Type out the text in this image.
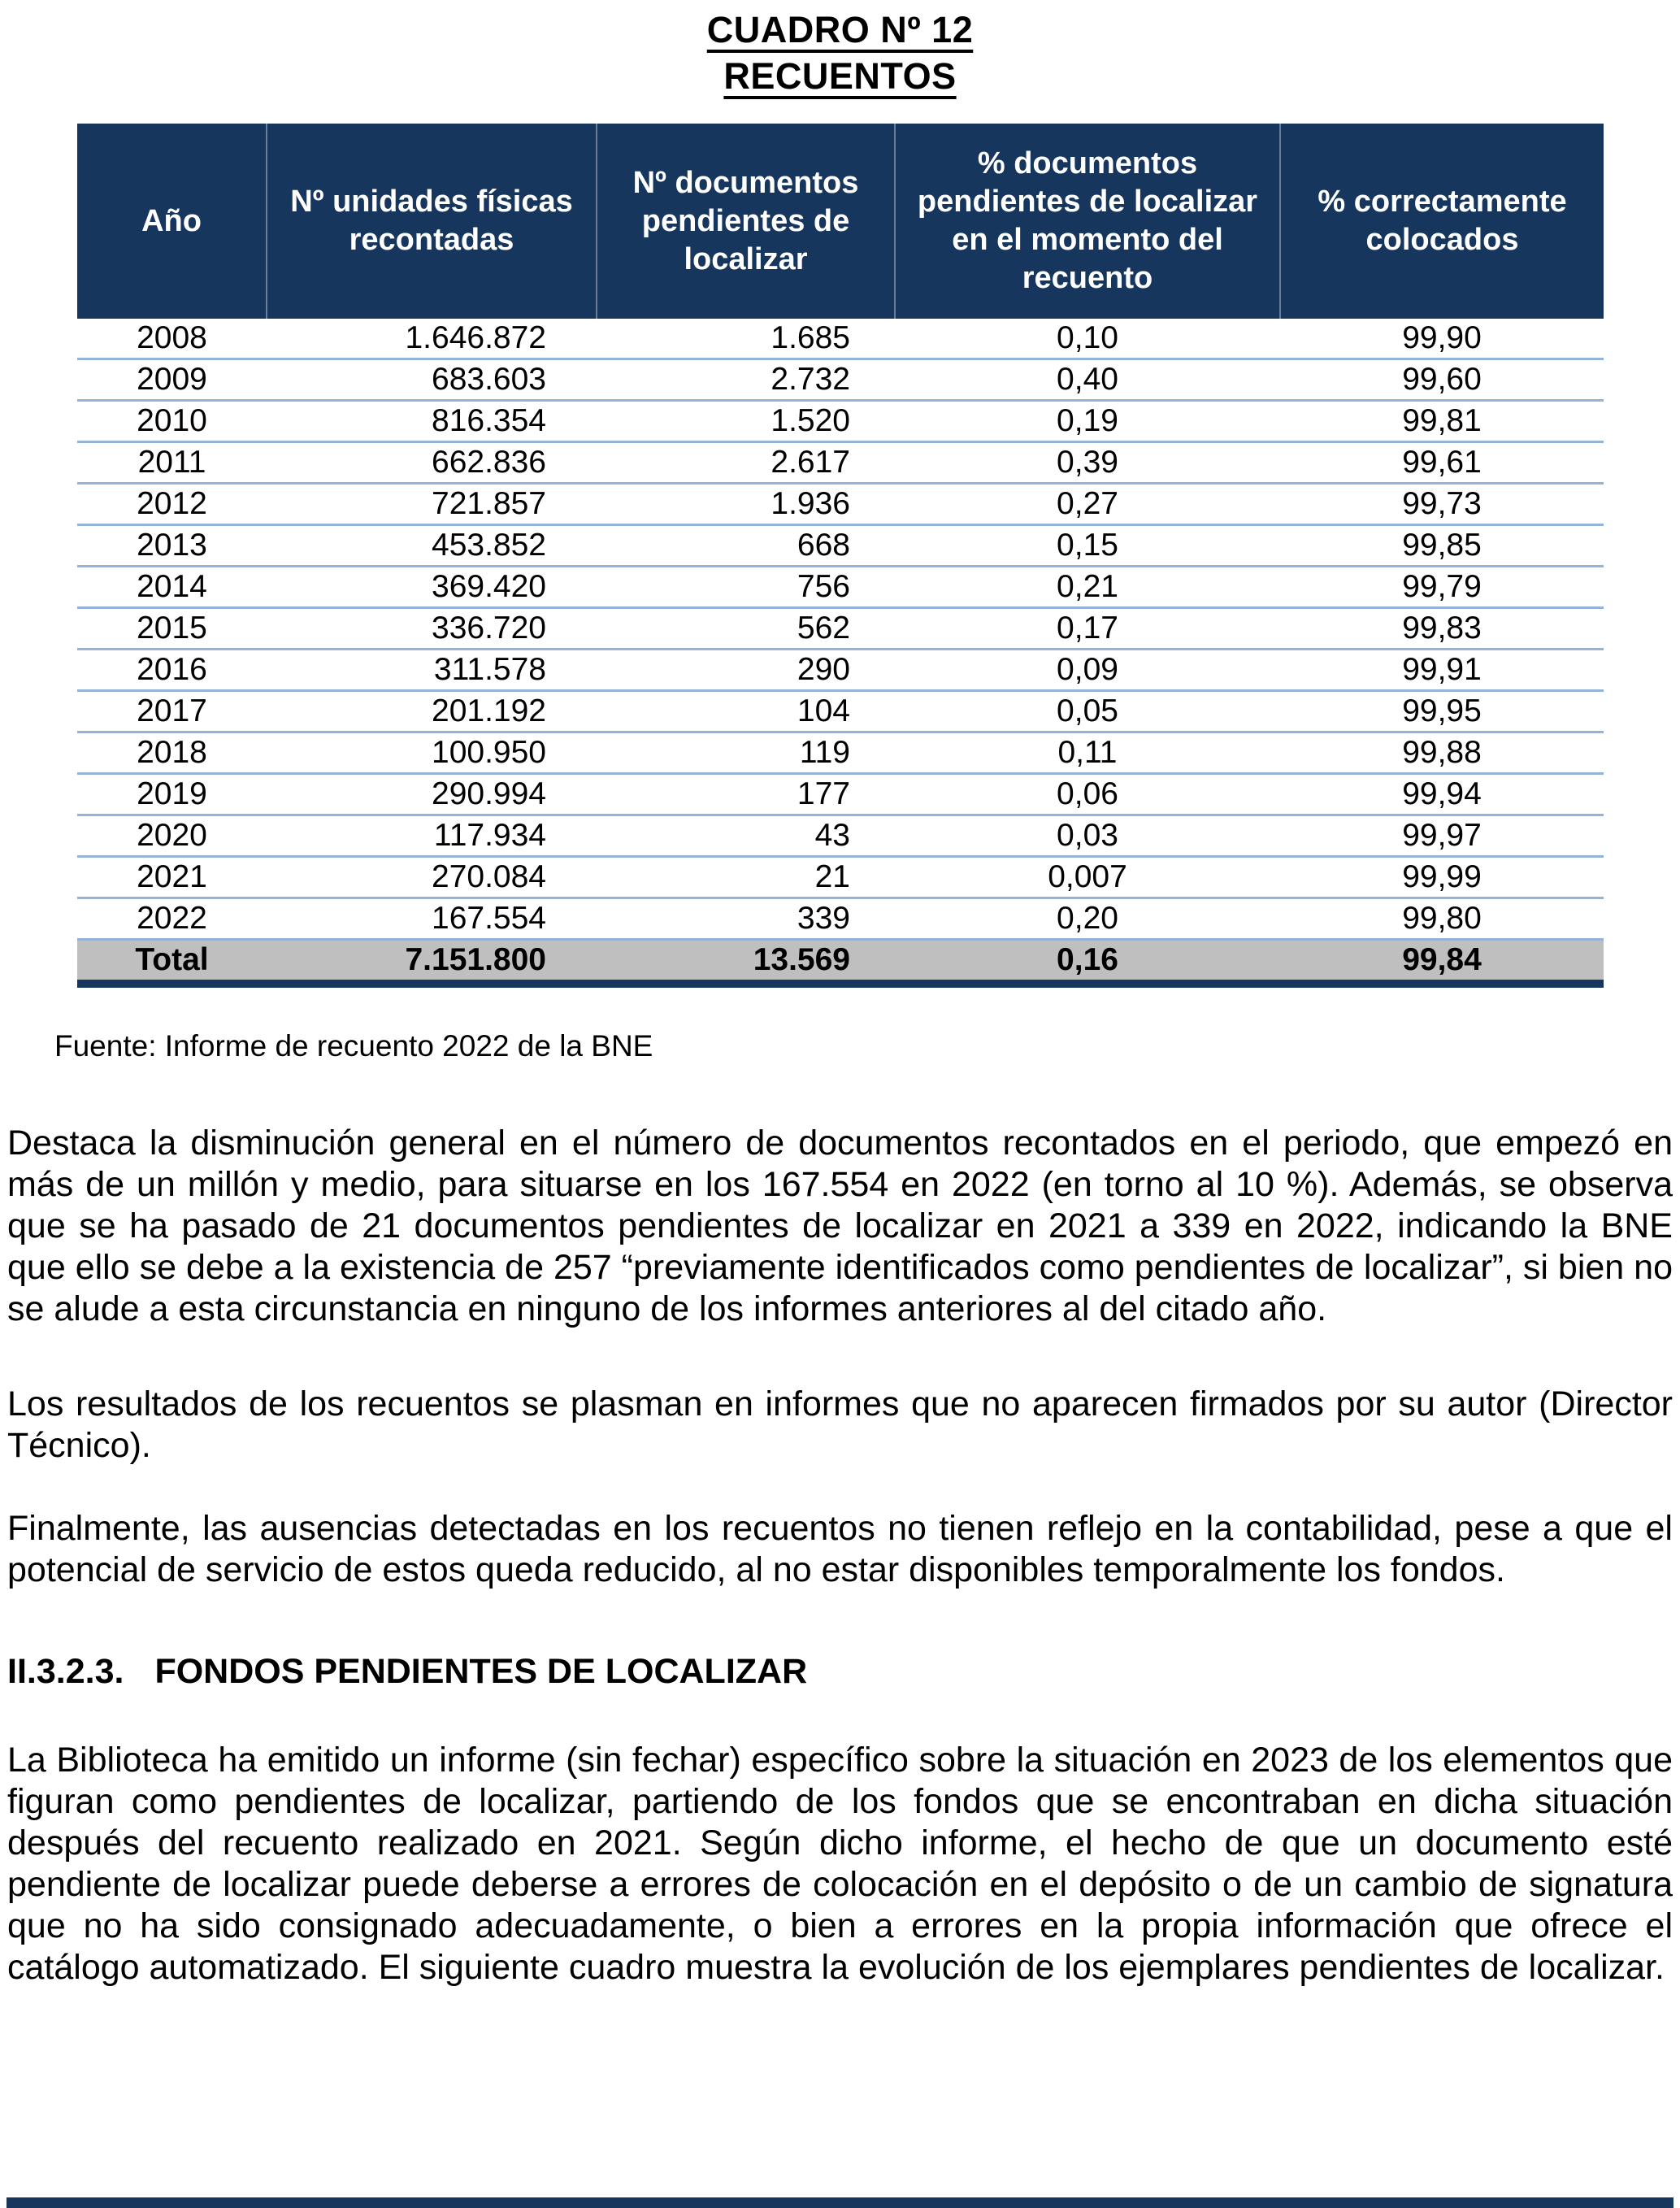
CUADRO Nº 12
RECUENTOS
Año	Nº unidades físicas recontadas	Nº documentos pendientes de localizar	% documentos pendientes de localizar en el momento del recuento	% correctamente colocados
2008	1.646.872	1.685	0,10	99,90
2009	683.603	2.732	0,40	99,60
2010	816.354	1.520	0,19	99,81
2011	662.836	2.617	0,39	99,61
2012	721.857	1.936	0,27	99,73
2013	453.852	668	0,15	99,85
2014	369.420	756	0,21	99,79
2015	336.720	562	0,17	99,83
2016	311.578	290	0,09	99,91
2017	201.192	104	0,05	99,95
2018	100.950	119	0,11	99,88
2019	290.994	177	0,06	99,94
2020	117.934	43	0,03	99,97
2021	270.084	21	0,007	99,99
2022	167.554	339	0,20	99,80
Total	7.151.800	13.569	0,16	99,84
Fuente: Informe de recuento 2022 de la BNE

Destaca la disminución general en el número de documentos recontados en el periodo, que empezó en más de un millón y medio, para situarse en los 167.554 en 2022 (en torno al 10 %). Además, se observa que se ha pasado de 21 documentos pendientes de localizar en 2021 a 339 en 2022, indicando la BNE que ello se debe a la existencia de 257 “previamente identificados como pendientes de localizar”, si bien no se alude a esta circunstancia en ninguno de los informes anteriores al del citado año.

Los resultados de los recuentos se plasman en informes que no aparecen firmados por su autor (Director Técnico).

Finalmente, las ausencias detectadas en los recuentos no tienen reflejo en la contabilidad, pese a que el potencial de servicio de estos queda reducido, al no estar disponibles temporalmente los fondos.

II.3.2.3. FONDOS PENDIENTES DE LOCALIZAR

La Biblioteca ha emitido un informe (sin fechar) específico sobre la situación en 2023 de los elementos que figuran como pendientes de localizar, partiendo de los fondos que se encontraban en dicha situación después del recuento realizado en 2021. Según dicho informe, el hecho de que un documento esté pendiente de localizar puede deberse a errores de colocación en el depósito o de un cambio de signatura que no ha sido consignado adecuadamente, o bien a errores en la propia información que ofrece el catálogo automatizado. El siguiente cuadro muestra la evolución de los ejemplares pendientes de localizar.
